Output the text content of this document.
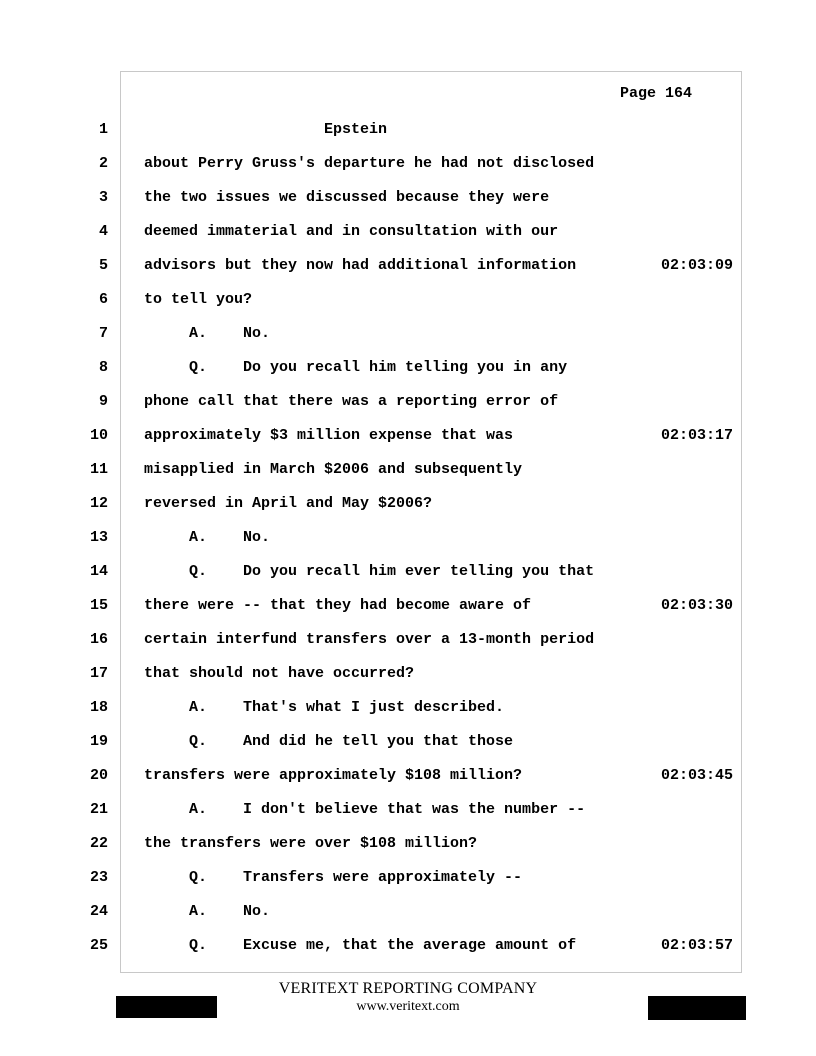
Page 164

1

Epstein

2

about Perry Gruss's departure he had not disclosed

3

the two issues we discussed because they were

4

deemed immaterial and in consultation with our

5

advisors but they now had additional information

	02:03:09

6

to tell you?

7

A.    No.

8

Q.    Do you recall him telling you in any

9

phone call that there was a reporting error of

10

approximately $3 million expense that was

	02:03:17

11

misapplied in March $2006 and subsequently

12

reversed in April and May $2006?

13

A.    No.

14

Q.    Do you recall him ever telling you that

15

there were -- that they had become aware of

	02:03:30

16

certain interfund transfers over a 13-month period

17

that should not have occurred?

18

A.    That's what I just described.

19

Q.    And did he tell you that those

20

transfers were approximately $108 million?

	02:03:45

21

A.    I don't believe that was the number --

22

the transfers were over $108 million?

23

Q.    Transfers were approximately --

24

A.    No.

25

Q.    Excuse me, that the average amount of

	02:03:57

VERITEXT REPORTING COMPANY
www.veritext.com
